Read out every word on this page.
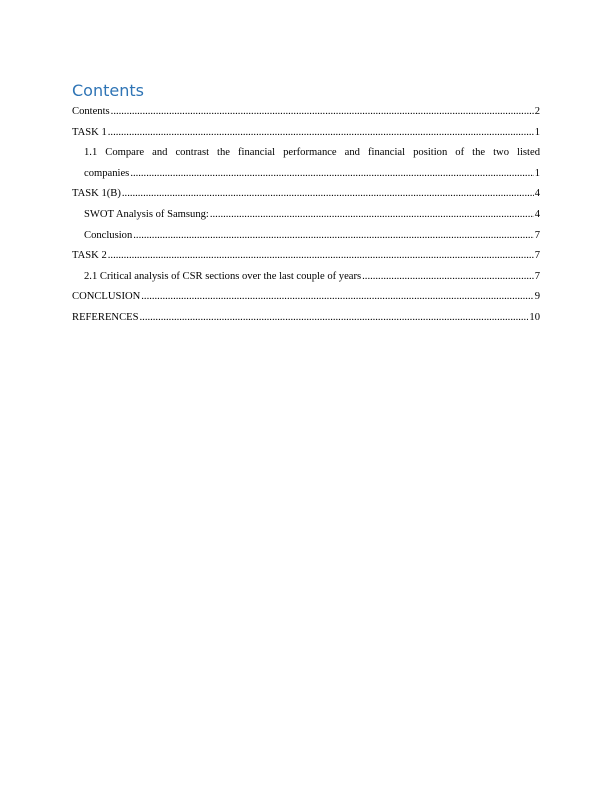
Contents
Contents .....	2
TASK 1 .....	1
1.1 Compare and contrast the financial performance and financial position of the two listed
companies .....	1
TASK 1(B) .....	4
SWOT Analysis of Samsung: .....	4
Conclusion .....	7
TASK 2 .....	7
2.1 Critical analysis of CSR sections over the last couple of years .....	7
CONCLUSION .....	9
REFERENCES .....	10
